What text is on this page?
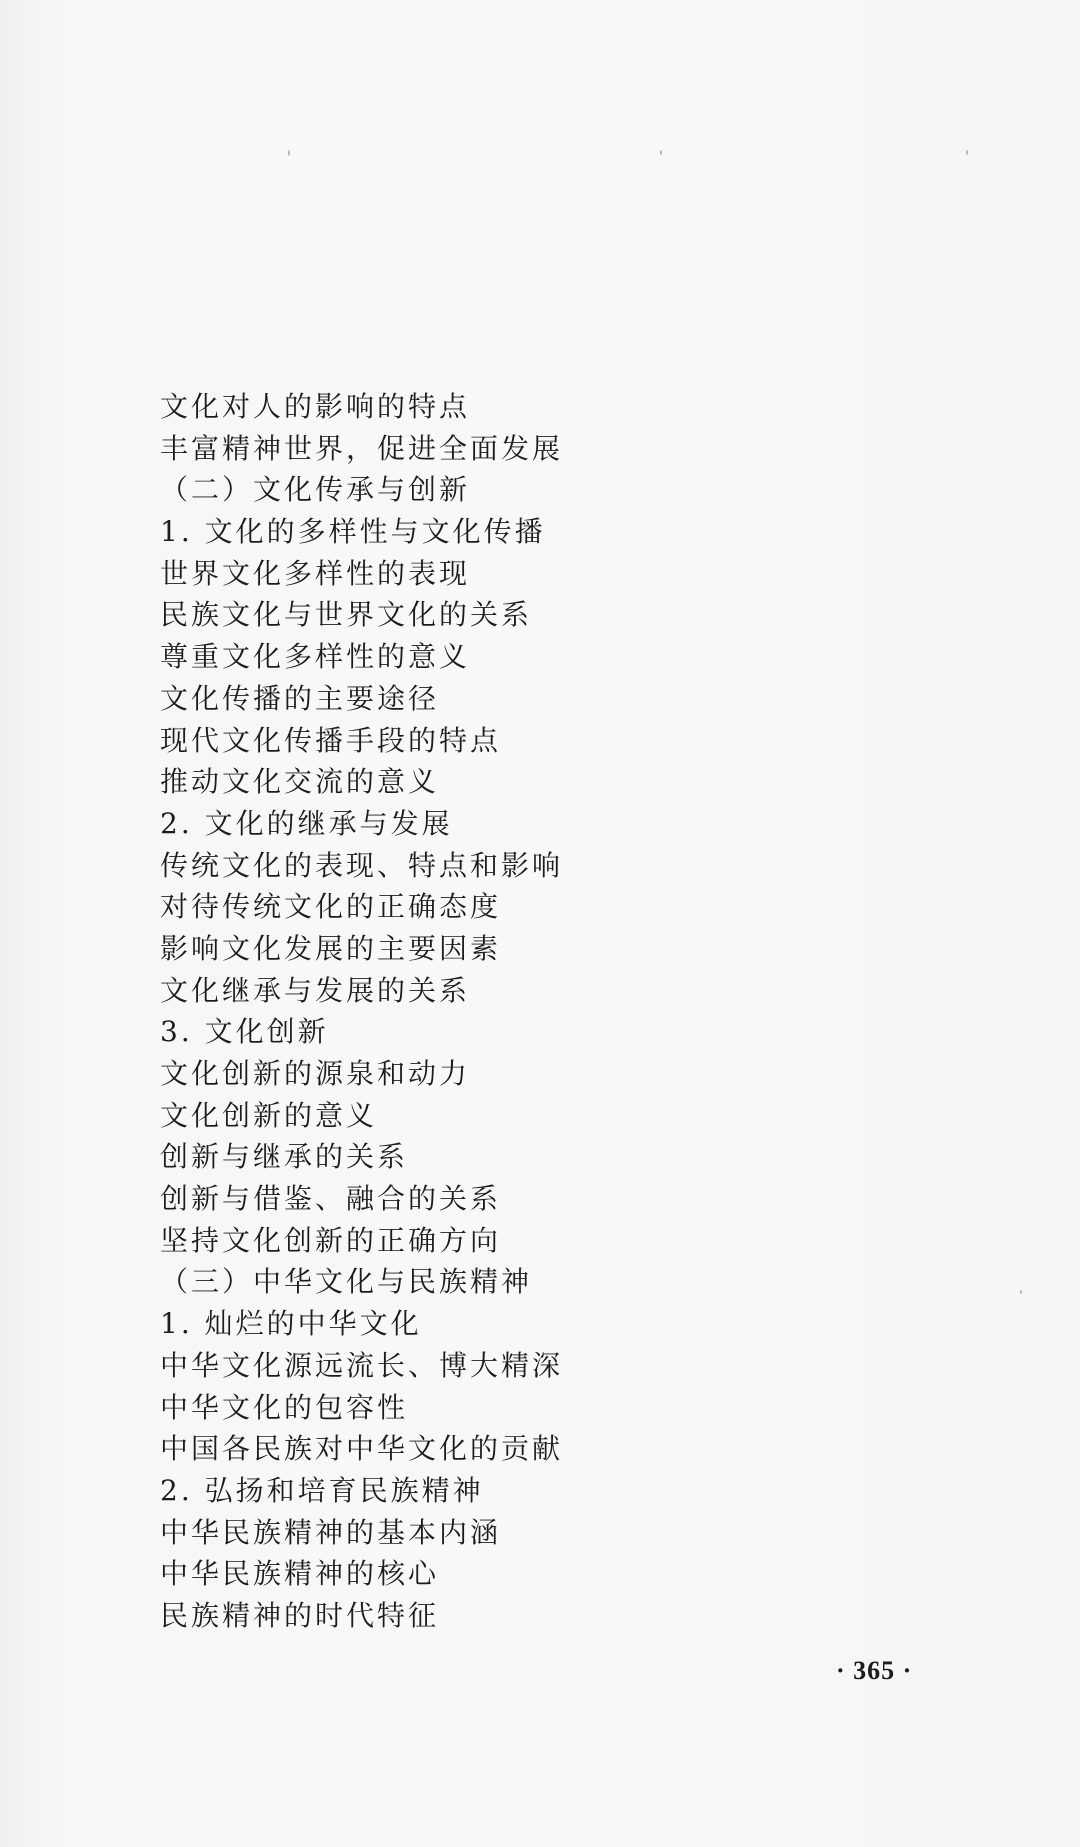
文化对人的影响的特点
丰富精神世界，促进全面发展
（二）文化传承与创新
1. 文化的多样性与文化传播
世界文化多样性的表现
民族文化与世界文化的关系
尊重文化多样性的意义
文化传播的主要途径
现代文化传播手段的特点
推动文化交流的意义
2. 文化的继承与发展
传统文化的表现、特点和影响
对待传统文化的正确态度
影响文化发展的主要因素
文化继承与发展的关系
3. 文化创新
文化创新的源泉和动力
文化创新的意义
创新与继承的关系
创新与借鉴、融合的关系
坚持文化创新的正确方向
（三）中华文化与民族精神
1. 灿烂的中华文化
中华文化源远流长、博大精深
中华文化的包容性
中国各民族对中华文化的贡献
2. 弘扬和培育民族精神
中华民族精神的基本内涵
中华民族精神的核心
民族精神的时代特征
· 365 ·
